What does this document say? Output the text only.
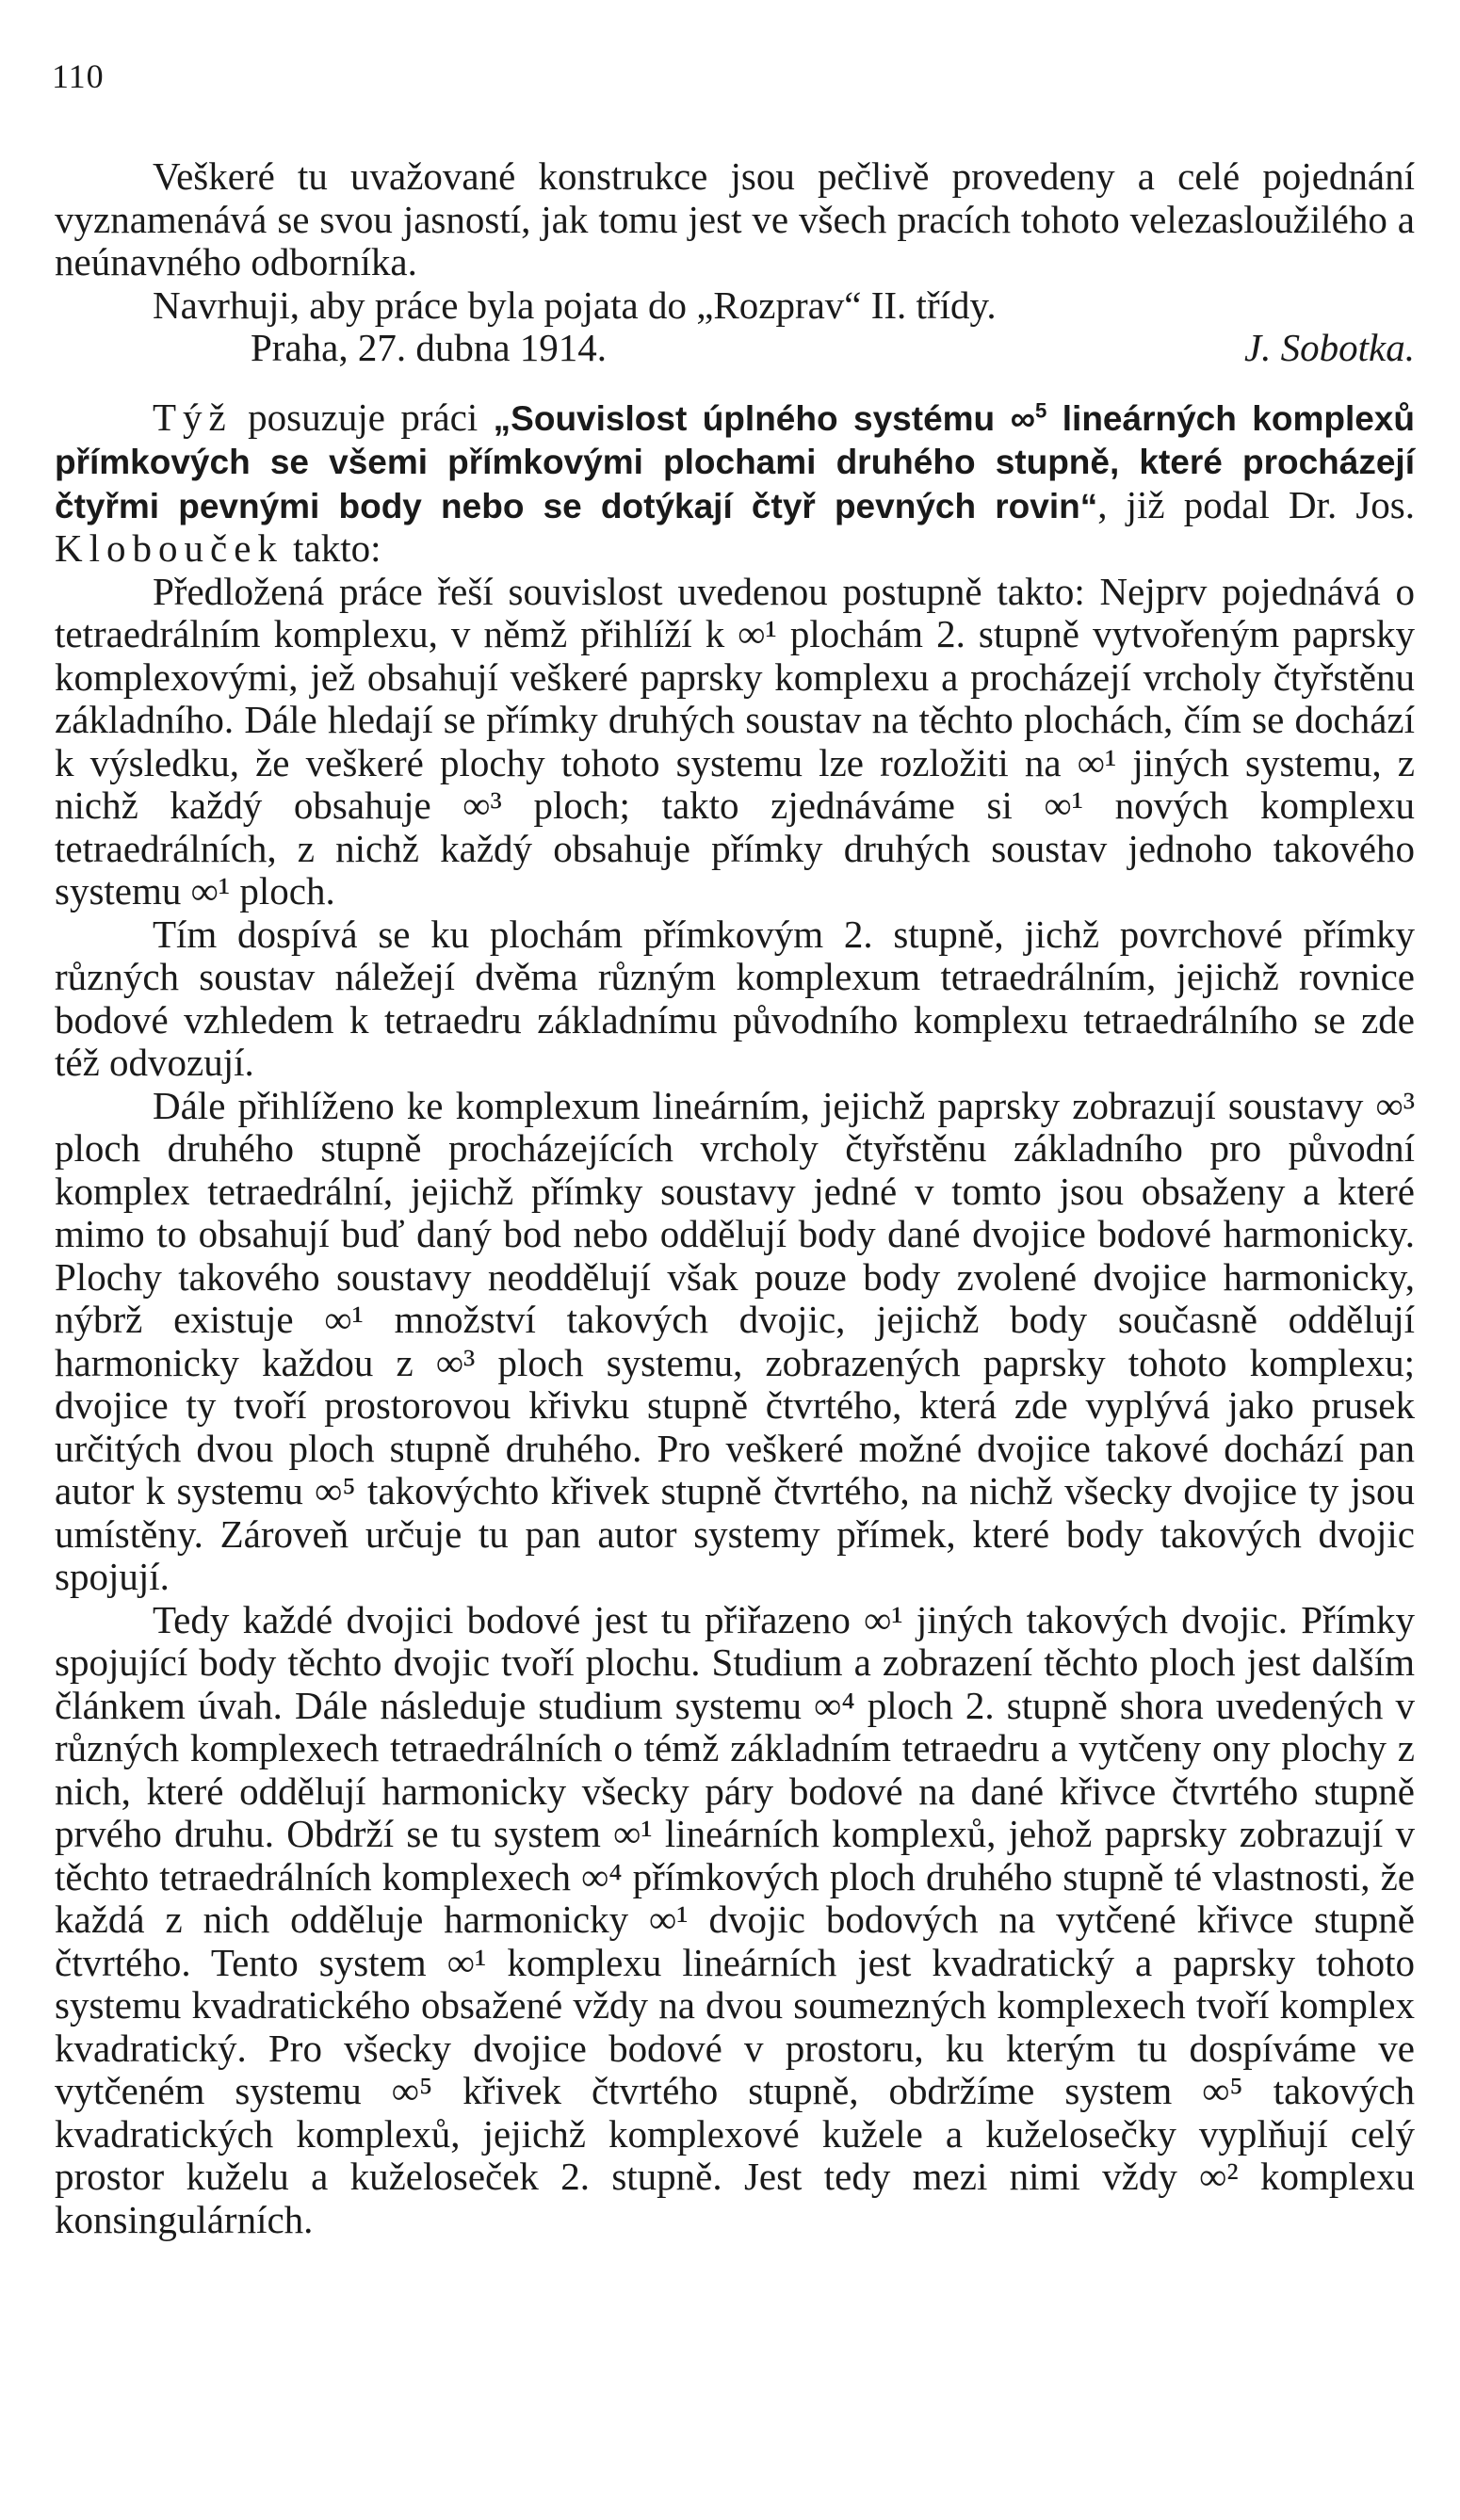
110

Veškeré tu uvažované konstrukce jsou pečlivě provedeny a celé pojednání vyznamenává se svou jasností, jak tomu jest ve všech pracích tohoto velezasloužilého a neúnavného odborníka.

Navrhuji, aby práce byla pojata do „Rozprav“ II. třídy.

Praha, 27. dubna 1914.	J. Sobotka.

Týž posuzuje práci „Souvislost úplného systému ∞$^5$ lineárných komplexů přímkových se všemi přímkovými plochami druhého stupně, které procházejí čtyřmi pevnými body nebo se dotýkají čtyř pevných rovin“, již podal Dr. Jos. Klobouček takto:

Předložená práce řeší souvislost uvedenou postupně takto: Nejprv pojednává o tetraedrálním komplexu, v němž přihlíží k ∞¹ plochám 2. stupně vytvořeným paprsky komplexovými, jež obsahují veškeré paprsky komplexu a procházejí vrcholy čtyřstěnu základního. Dále hledají se přímky druhých soustav na těchto plochách, čím se dochází k výsledku, že veškeré plochy tohoto systemu lze rozložiti na ∞¹ jiných systemu, z nichž každý obsahuje ∞³ ploch; takto zjednáváme si ∞¹ nových komplexu tetraedrálních, z nichž každý obsahuje přímky druhých soustav jednoho takového systemu ∞¹ ploch.

Tím dospívá se ku plochám přímkovým 2. stupně, jichž povrchové přímky různých soustav náležejí dvěma různým komplexum tetraedrálním, jejichž rovnice bodové vzhledem k tetraedru základnímu původního komplexu tetraedrálního se zde též odvozují.

Dále přihlíženo ke komplexum lineárním, jejichž paprsky zobrazují soustavy ∞³ ploch druhého stupně procházejících vrcholy čtyřstěnu základního pro původní komplex tetraedrální, jejichž přímky soustavy jedné v tomto jsou obsaženy a které mimo to obsahují buď daný bod nebo oddělují body dané dvojice bodové harmonicky. Plochy takového soustavy neoddělují však pouze body zvolené dvojice harmonicky, nýbrž existuje ∞¹ množství takových dvojic, jejichž body současně oddělují harmonicky každou z ∞³ ploch systemu, zobrazených paprsky tohoto komplexu; dvojice ty tvoří prostorovou křivku stupně čtvrtého, která zde vyplývá jako prusek určitých dvou ploch stupně druhého. Pro veškeré možné dvojice takové dochází pan autor k systemu ∞⁵ takovýchto křivek stupně čtvrtého, na nichž všecky dvojice ty jsou umístěny. Zároveň určuje tu pan autor systemy přímek, které body takových dvojic spojují.

Tedy každé dvojici bodové jest tu přiřazeno ∞¹ jiných takových dvojic. Přímky spojující body těchto dvojic tvoří plochu. Studium a zobrazení těchto ploch jest dalším článkem úvah. Dále následuje studium systemu ∞⁴ ploch 2. stupně shora uvedených v různých komplexech tetraedrálních o témž základním tetraedru a vytčeny ony plochy z nich, které oddělují harmonicky všecky páry bodové na dané křivce čtvrtého stupně prvého druhu. Obdrží se tu system ∞¹ lineárních komplexů, jehož paprsky zobrazují v těchto tetraedrálních komplexech ∞⁴ přímkových ploch druhého stupně té vlastnosti, že každá z nich odděluje harmonicky ∞¹ dvojic bodových na vytčené křivce stupně čtvrtého. Tento system ∞¹ komplexu lineárních jest kvadratický a paprsky tohoto systemu kvadratického obsažené vždy na dvou soumezných komplexech tvoří komplex kvadratický. Pro všecky dvojice bodové v prostoru, ku kterým tu dospíváme ve vytčeném systemu ∞⁵ křivek čtvrtého stupně, obdržíme system ∞⁵ takových kvadratických komplexů, jejichž komplexové kužele a kuželosečky vyplňují celý prostor kuželu a kuželoseček 2. stupně. Jest tedy mezi nimi vždy ∞² komplexu konsingulárních.
